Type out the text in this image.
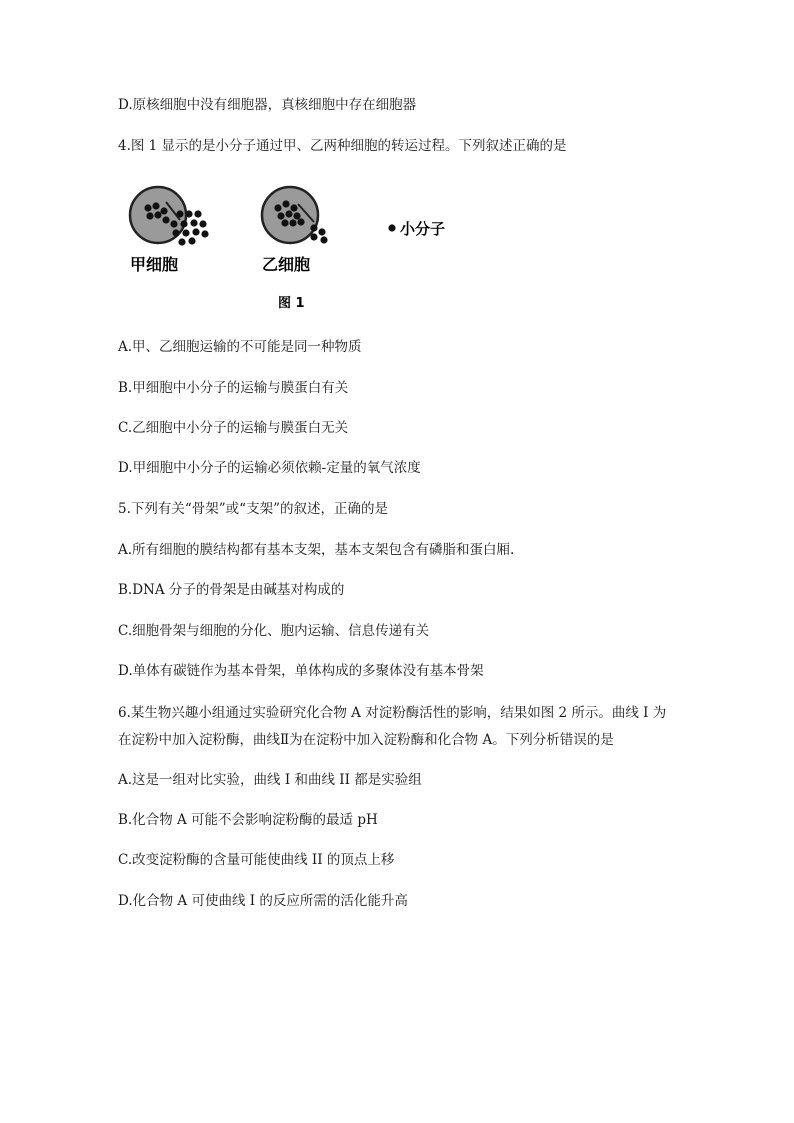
D.原核细胞中没有细胞器，真核细胞中存在细胞器
4.图 1 显示的是小分子通过甲、乙两种细胞的转运过程。下列叙述正确的是
甲细胞	乙细胞
小分子
图 1
A.甲、乙细胞运输的不可能是同一种物质
B.甲细胞中小分子的运输与膜蛋白有关
C.乙细胞中小分子的运输与膜蛋白无关
D.甲细胞中小分子的运输必须依赖-定量的氧气浓度
5.下列有关“骨架”或“支架”的叙述，正确的是
A.所有细胞的膜结构都有基本支架，基本支架包含有磷脂和蛋白厢.
B.DNA 分子的骨架是由碱基对构成的
C.细胞骨架与细胞的分化、胞内运输、信息传递有关
D.单体有碳链作为基本骨架，单体构成的多聚体没有基本骨架
6.某生物兴趣小组通过实验研究化合物 A 对淀粉酶活性的影响，结果如图 2 所示。曲线 I 为
在淀粉中加入淀粉酶，曲线Ⅱ为在淀粉中加入淀粉酶和化合物 A。下列分析错误的是
A.这是一组对比实验，曲线 I 和曲线 II 都是实验组
B.化合物 A 可能不会影响淀粉酶的最适 pH
C.改变淀粉酶的含量可能使曲线 II 的顶点上移
D.化合物 A 可使曲线 I 的反应所需的活化能升高
